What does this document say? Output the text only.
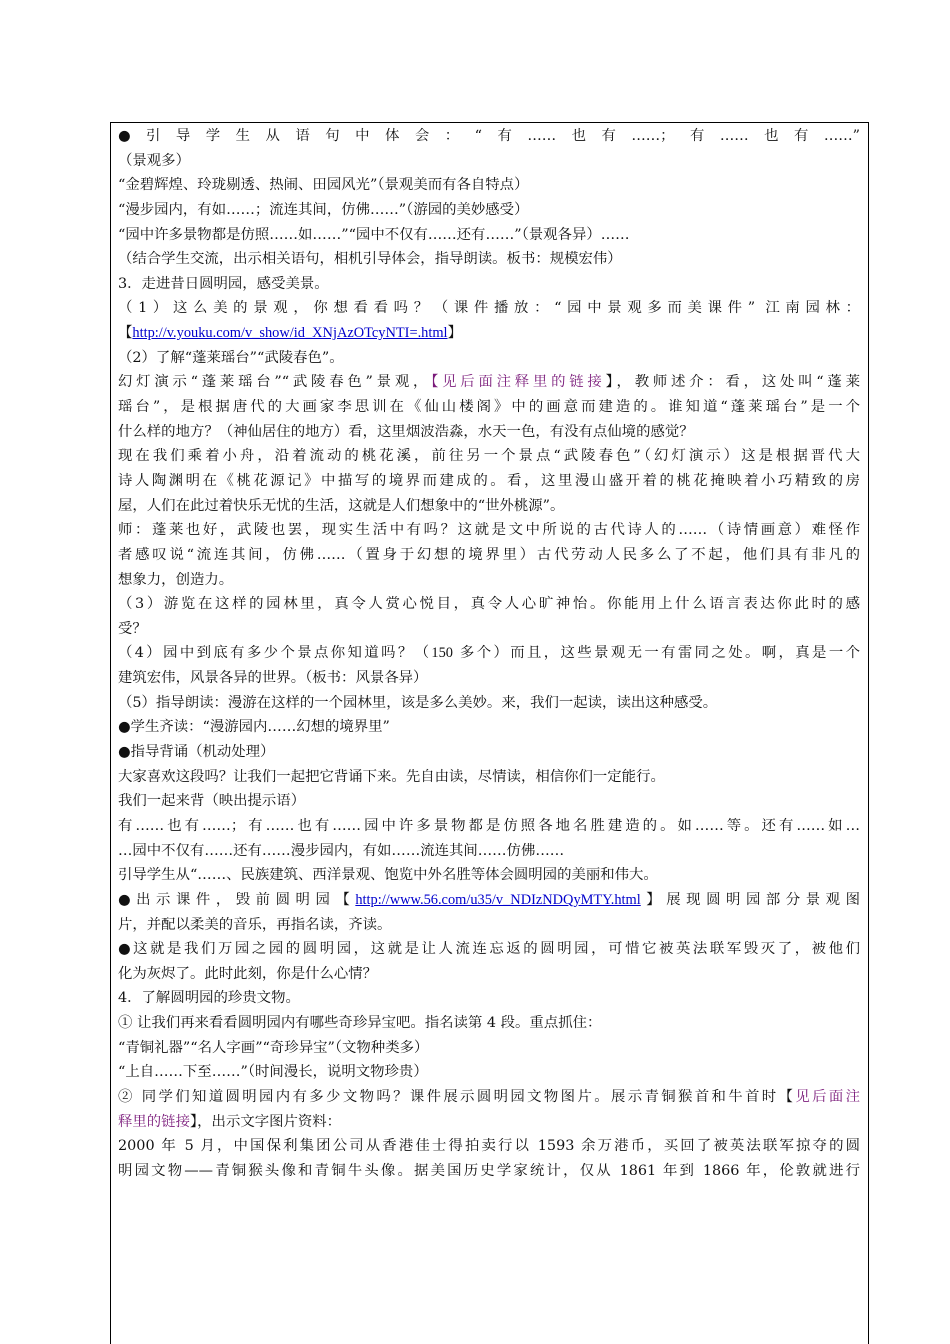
●引导学生从语句中体会：“有……也有……；有……也有……”
（景观多）
“金碧辉煌、玲珑剔透、热闹、田园风光”（景观美而有各自特点）
“漫步园内，有如……；流连其间，仿佛……”（游园的美妙感受）
“园中许多景物都是仿照……如……”“园中不仅有……还有……”（景观各异）……
（结合学生交流，出示相关语句，相机引导体会，指导朗读。板书：规模宏伟）
3．走进昔日圆明园，感受美景。
（1）这么美的景观，你想看看吗？（课件播放：“园中景观多而美课件” 江南园林：
【http://v.youku.com/v_show/id_XNjAzOTcyNTI=.html】
（2）了解“蓬莱瑶台”“武陵春色”。
幻灯演示“蓬莱瑶台”“武陵春色”景观，【见后面注释里的链接】，教师述介：看，这处叫“蓬莱
瑶台”，是根据唐代的大画家李思训在《仙山楼阁》中的画意而建造的。谁知道“蓬莱瑶台”是一个
什么样的地方？（神仙居住的地方）看，这里烟波浩淼，水天一色，有没有点仙境的感觉？
现在我们乘着小舟，沿着流动的桃花溪，前往另一个景点“武陵春色”（幻灯演示）这是根据晋代大
诗人陶渊明在《桃花源记》中描写的境界而建成的。看，这里漫山盛开着的桃花掩映着小巧精致的房
屋，人们在此过着快乐无忧的生活，这就是人们想象中的“世外桃源”。
师：蓬莱也好，武陵也罢，现实生活中有吗？这就是文中所说的古代诗人的……（诗情画意）难怪作
者感叹说“流连其间，仿佛……（置身于幻想的境界里）古代劳动人民多么了不起，他们具有非凡的
想象力，创造力。
（3）游览在这样的园林里，真令人赏心悦目，真令人心旷神怡。你能用上什么语言表达你此时的感
受？
（4）园中到底有多少个景点你知道吗？（150 多个）而且，这些景观无一有雷同之处。啊，真是一个
建筑宏伟，风景各异的世界。（板书：风景各异）
（5）指导朗读：漫游在这样的一个园林里，该是多么美妙。来，我们一起读，读出这种感受。
●学生齐读：“漫游园内……幻想的境界里”
●指导背诵（机动处理）
大家喜欢这段吗？让我们一起把它背诵下来。先自由读，尽情读，相信你们一定能行。
我们一起来背（映出提示语）
有……也有……；有……也有……园中许多景物都是仿照各地名胜建造的。如……等。还有……如…
…园中不仅有……还有……漫步园内，有如……流连其间……仿佛……
引导学生从“……、民族建筑、西洋景观、饱览中外名胜等体会圆明园的美丽和伟大。
●出示课件，毁前圆明园【http://www.56.com/u35/v_NDIzNDQyMTY.html】展现圆明园部分景观图
片，并配以柔美的音乐，再指名读，齐读。
●这就是我们万园之园的圆明园，这就是让人流连忘返的圆明园，可惜它被英法联军毁灭了，被他们
化为灰烬了。此时此刻，你是什么心情？
4．了解圆明园的珍贵文物。
① 让我们再来看看圆明园内有哪些奇珍异宝吧。指名读第 4 段。重点抓住：
“青铜礼器”“名人字画”“奇珍异宝”（文物种类多）
“上自……下至……”（时间漫长，说明文物珍贵）
② 同学们知道圆明园内有多少文物吗？课件展示圆明园文物图片。展示青铜猴首和牛首时【见后面注
释里的链接】，出示文字图片资料：
2000 年 5 月，中国保利集团公司从香港佳士得拍卖行以 1593 余万港币，买回了被英法联军掠夺的圆
明园文物——青铜猴头像和青铜牛头像。据美国历史学家统计，仅从 1861 年到 1866 年，伦敦就进行
